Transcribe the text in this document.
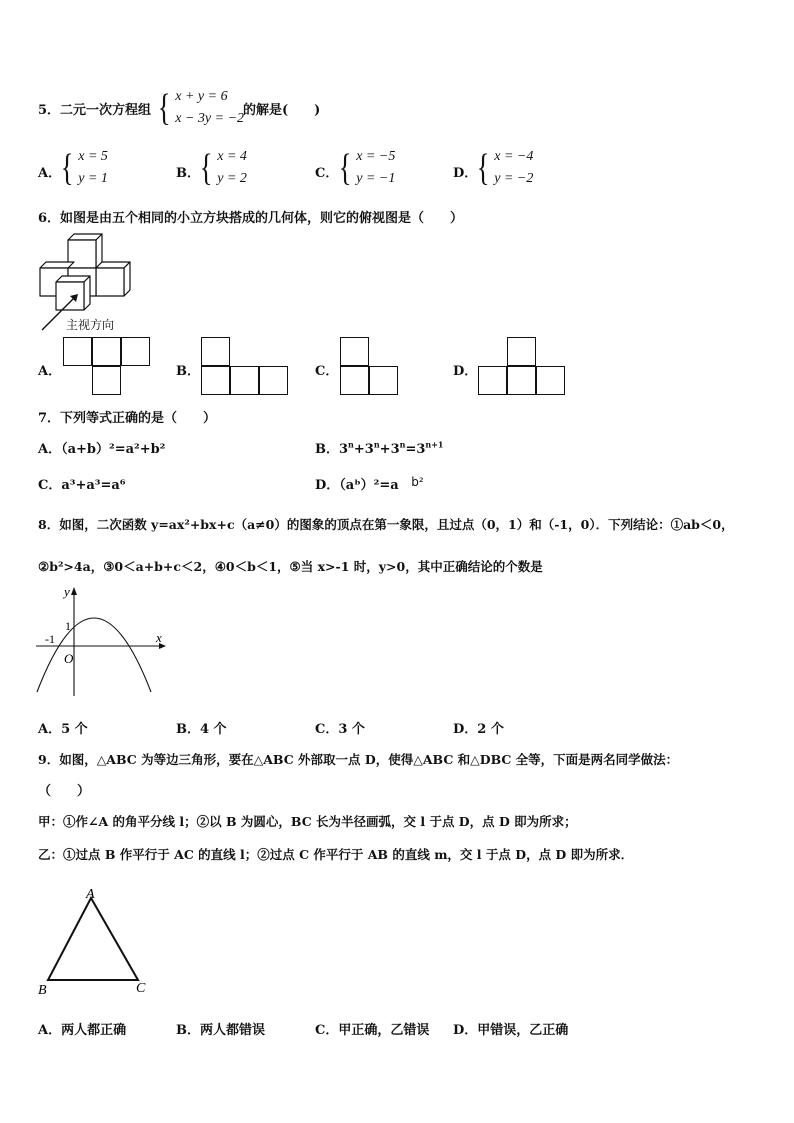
5．二元一次方程组 { x + y = 6
x − 3y = −2
的解是(　　)
A． { x = 5
y = 1	B． { x = 4
y = 2	C． { x = −5
y = −1	D． { x = −4
y = −2
6．如图是由五个相同的小立方块搭成的几何体，则它的俯视图是（　　）
主视方向
A．	B．	C．	D．
7．下列等式正确的是（　　）
A．（a+b）²=a²+b²	B．$3^n+3^n+3^n=3^{n+1}$
C．a³+a³=a⁶	D．（aᵇ）²=a b²
8．如图，二次函数 y=ax²+bx+c（a≠0）的图象的顶点在第一象限，且过点（0，1）和（-1，0）．下列结论：①ab＜0，
②b²>4a，③0＜a+b+c＜2，④0＜b＜1，⑤当 x>-1 时，y>0，其中正确结论的个数是
y
x
1
-1
O
A．5 个	B．4 个	C．3 个	D．2 个
9．如图，△ABC 为等边三角形，要在△ABC 外部取一点 D，使得△ABC 和△DBC 全等，下面是两名同学做法：
（　　）
甲：①作∠A 的角平分线 l；②以 B 为圆心，BC 长为半径画弧，交 l 于点 D，点 D 即为所求；
乙：①过点 B 作平行于 AC 的直线 l；②过点 C 作平行于 AB 的直线 m，交 l 于点 D，点 D 即为所求．
A
B	C
A．两人都正确	B．两人都错误	C．甲正确，乙错误 D．甲错误，乙正确
